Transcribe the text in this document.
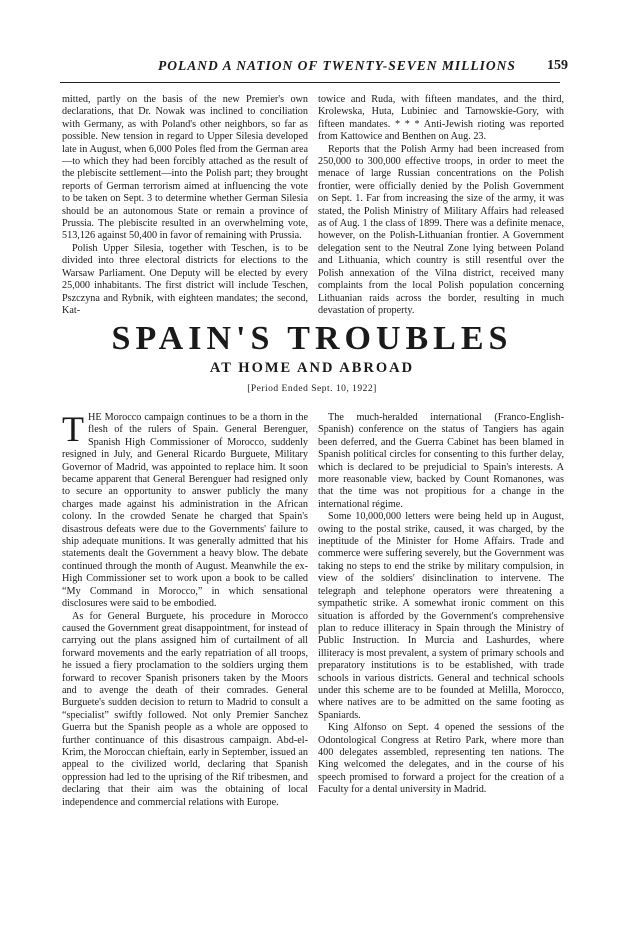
POLAND A NATION OF TWENTY-SEVEN MILLIONS 159

mitted, partly on the basis of the new Premier's own declarations, that Dr. Nowak was inclined to conciliation with Germany, as with Poland's other neighbors, so far as possible. New tension in regard to Upper Silesia developed late in August, when 6,000 Poles fled from the German area—to which they had been forcibly attached as the result of the plebiscite settlement—into the Polish part; they brought reports of German terrorism aimed at influencing the vote to be taken on Sept. 3 to determine whether German Silesia should be an autonomous State or remain a province of Prussia. The plebiscite resulted in an overwhelming vote, 513,126 against 50,400 in favor of remaining with Prussia.

Polish Upper Silesia, together with Teschen, is to be divided into three electoral districts for elections to the Warsaw Parliament. One Deputy will be elected by every 25,000 inhabitants. The first district will include Teschen, Pszczyna and Rybnik, with eighteen mandates; the second, Kat-

towice and Ruda, with fifteen mandates, and the third, Krolewska, Huta, Lubiniec and Tarnowskie-Gory, with fifteen mandates. * * * Anti-Jewish rioting was reported from Kattowice and Benthen on Aug. 23.

Reports that the Polish Army had been increased from 250,000 to 300,000 effective troops, in order to meet the menace of large Russian concentrations on the Polish frontier, were officially denied by the Polish Government on Sept. 1. Far from increasing the size of the army, it was stated, the Polish Ministry of Military Affairs had released as of Aug. 1 the class of 1899. There was a definite menace, however, on the Polish-Lithuanian frontier. A Government delegation sent to the Neutral Zone lying between Poland and Lithuania, which country is still resentful over the Polish annexation of the Vilna district, received many complaints from the local Polish population concerning Lithuanian raids across the border, resulting in much devastation of property.

SPAIN'S TROUBLES
AT HOME AND ABROAD
[Period Ended Sept. 10, 1922]

THE Morocco campaign continues to be a thorn in the flesh of the rulers of Spain. General Berenguer, Spanish High Commissioner of Morocco, suddenly resigned in July, and General Ricardo Burguete, Military Governor of Madrid, was appointed to replace him. It soon became apparent that General Berenguer had resigned only to secure an opportunity to answer publicly the many charges made against his administration in the African colony. In the crowded Senate he charged that Spain's disastrous defeats were due to the Governments' failure to ship adequate munitions. It was generally admitted that his statements dealt the Government a heavy blow. The debate continued through the month of August. Meanwhile the ex-High Commissioner set to work upon a book to be called “My Command in Morocco,” in which sensational disclosures were said to be embodied.

As for General Burguete, his procedure in Morocco caused the Government great disappointment, for instead of carrying out the plans assigned him of curtailment of all forward movements and the early repatriation of all troops, he issued a fiery proclamation to the soldiers urging them forward to recover Spanish prisoners taken by the Moors and to avenge the death of their comrades. General Burguete's sudden decision to return to Madrid to consult a “specialist” swiftly followed. Not only Premier Sanchez Guerra but the Spanish people as a whole are opposed to further continuance of this disastrous campaign. Abd-el-Krim, the Moroccan chieftain, early in September, issued an appeal to the civilized world, declaring that Spanish oppression had led to the uprising of the Rif tribesmen, and declaring that their aim was the obtaining of local independence and commercial relations with Europe.

The much-heralded international (Franco-English-Spanish) conference on the status of Tangiers has again been deferred, and the Guerra Cabinet has been blamed in Spanish political circles for consenting to this further delay, which is declared to be prejudicial to Spain's interests. A more reasonable view, backed by Count Romanones, was that the time was not propitious for a change in the international régime.

Some 10,000,000 letters were being held up in August, owing to the postal strike, caused, it was charged, by the ineptitude of the Minister for Home Affairs. Trade and commerce were suffering severely, but the Government was taking no steps to end the strike by military compulsion, in view of the soldiers' disinclination to intervene. The telegraph and telephone operators were threatening a sympathetic strike. A somewhat ironic comment on this situation is afforded by the Government's comprehensive plan to reduce illiteracy in Spain through the Ministry of Public Instruction. In Murcia and Lashurdes, where illiteracy is most prevalent, a system of primary schools and preparatory institutions is to be established, with trade schools in various districts. General and technical schools under this scheme are to be founded at Melilla, Morocco, where natives are to be admitted on the same footing as Spaniards.

King Alfonso on Sept. 4 opened the sessions of the Odontological Congress at Retiro Park, where more than 400 delegates assembled, representing ten nations. The King welcomed the delegates, and in the course of his speech promised to forward a project for the creation of a Faculty for a dental university in Madrid.
